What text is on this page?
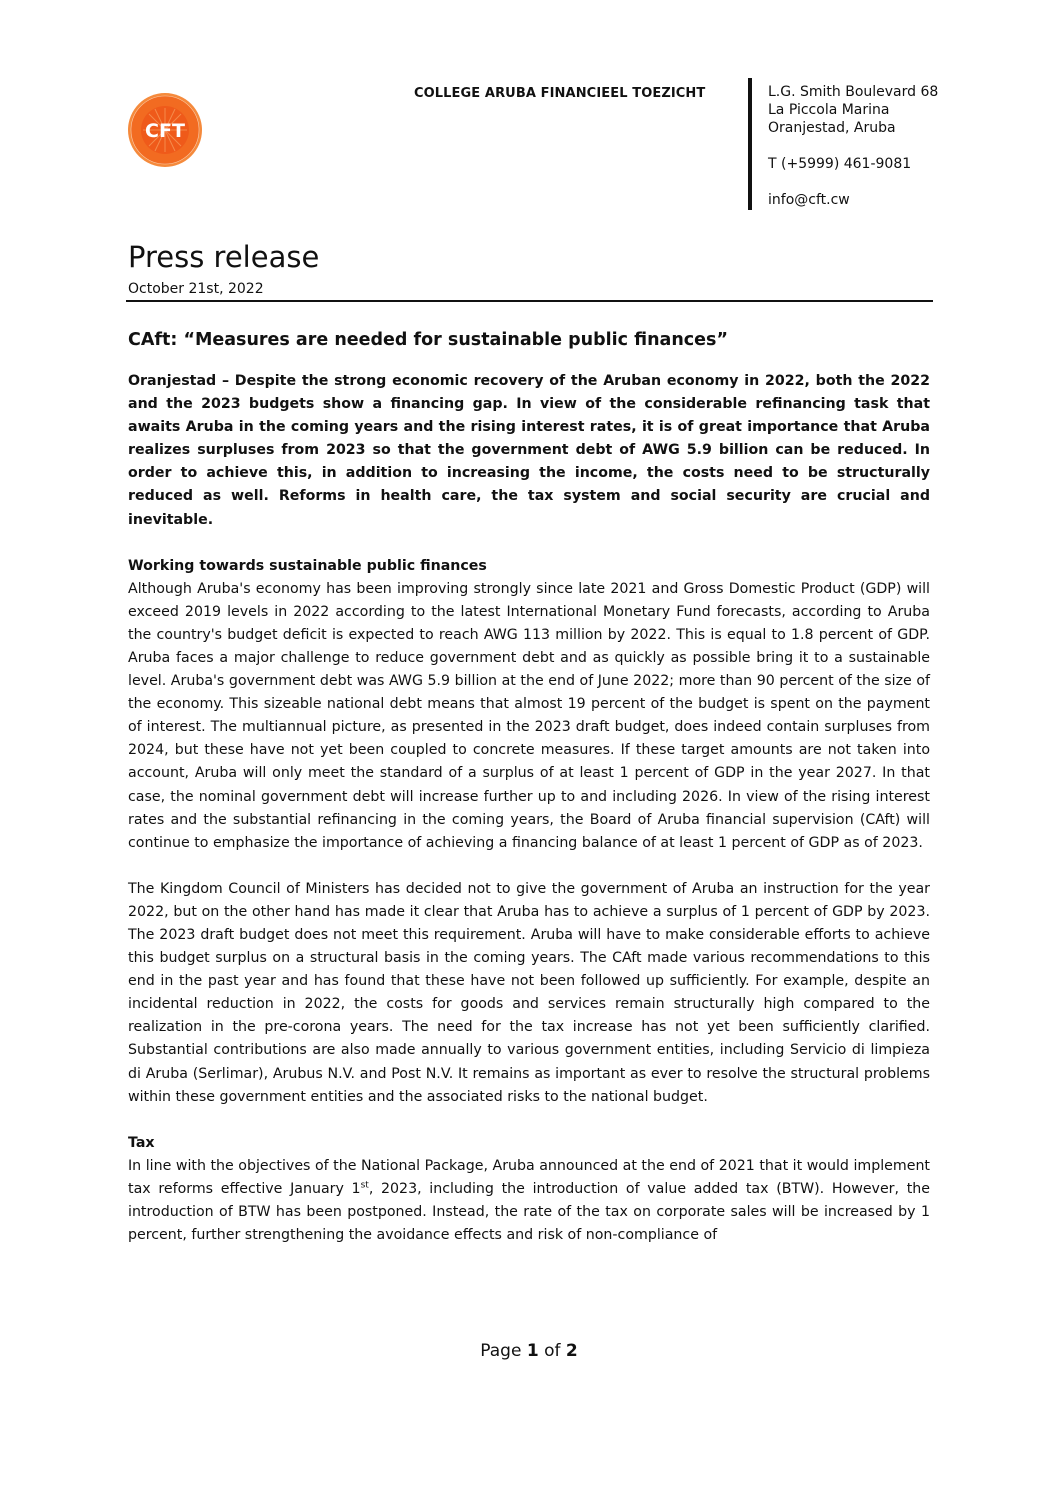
CFT
COLLEGE ARUBA FINANCIEEL TOEZICHT	L.G. Smith Boulevard 68
La Piccola Marina
Oranjestad, Aruba
T (+5999) 461-9081
info@cft.cw
Press release
October 21st, 2022
CAft: “Measures are needed for sustainable public finances”

Oranjestad – Despite the strong economic recovery of the Aruban economy in 2022, both the 2022 and the 2023 budgets show a financing gap. In view of the considerable refinancing task that awaits Aruba in the coming years and the rising interest rates, it is of great importance that Aruba realizes surpluses from 2023 so that the government debt of AWG 5.9 billion can be reduced. In order to achieve this, in addition to increasing the income, the costs need to be structurally reduced as well. Reforms in health care, the tax system and social security are crucial and inevitable.

Working towards sustainable public finances

Although Aruba's economy has been improving strongly since late 2021 and Gross Domestic Product (GDP) will exceed 2019 levels in 2022 according to the latest International Monetary Fund forecasts, according to Aruba the country's budget deficit is expected to reach AWG 113 million by 2022. This is equal to 1.8 percent of GDP. Aruba faces a major challenge to reduce government debt and as quickly as possible bring it to a sustainable level. Aruba's government debt was AWG 5.9 billion at the end of June 2022; more than 90 percent of the size of the economy. This sizeable national debt means that almost 19 percent of the budget is spent on the payment of interest. The multiannual picture, as presented in the 2023 draft budget, does indeed contain surpluses from 2024, but these have not yet been coupled to concrete measures. If these target amounts are not taken into account, Aruba will only meet the standard of a surplus of at least 1 percent of GDP in the year 2027. In that case, the nominal government debt will increase further up to and including 2026. In view of the rising interest rates and the substantial refinancing in the coming years, the Board of Aruba financial supervision (CAft) will continue to emphasize the importance of achieving a financing balance of at least 1 percent of GDP as of 2023.

The Kingdom Council of Ministers has decided not to give the government of Aruba an instruction for the year 2022, but on the other hand has made it clear that Aruba has to achieve a surplus of 1 percent of GDP by 2023. The 2023 draft budget does not meet this requirement. Aruba will have to make considerable efforts to achieve this budget surplus on a structural basis in the coming years. The CAft made various recommendations to this end in the past year and has found that these have not been followed up sufficiently. For example, despite an incidental reduction in 2022, the costs for goods and services remain structurally high compared to the realization in the pre-corona years. The need for the tax increase has not yet been sufficiently clarified. Substantial contributions are also made annually to various government entities, including Servicio di limpieza di Aruba (Serlimar), Arubus N.V. and Post N.V. It remains as important as ever to resolve the structural problems within these government entities and the associated risks to the national budget.

Tax

In line with the objectives of the National Package, Aruba announced at the end of 2021 that it would implement tax reforms effective January 1st, 2023, including the introduction of value added tax (BTW). However, the introduction of BTW has been postponed. Instead, the rate of the tax on corporate sales will be increased by 1 percent, further strengthening the avoidance effects and risk of non-compliance of

Page 1 of 2
